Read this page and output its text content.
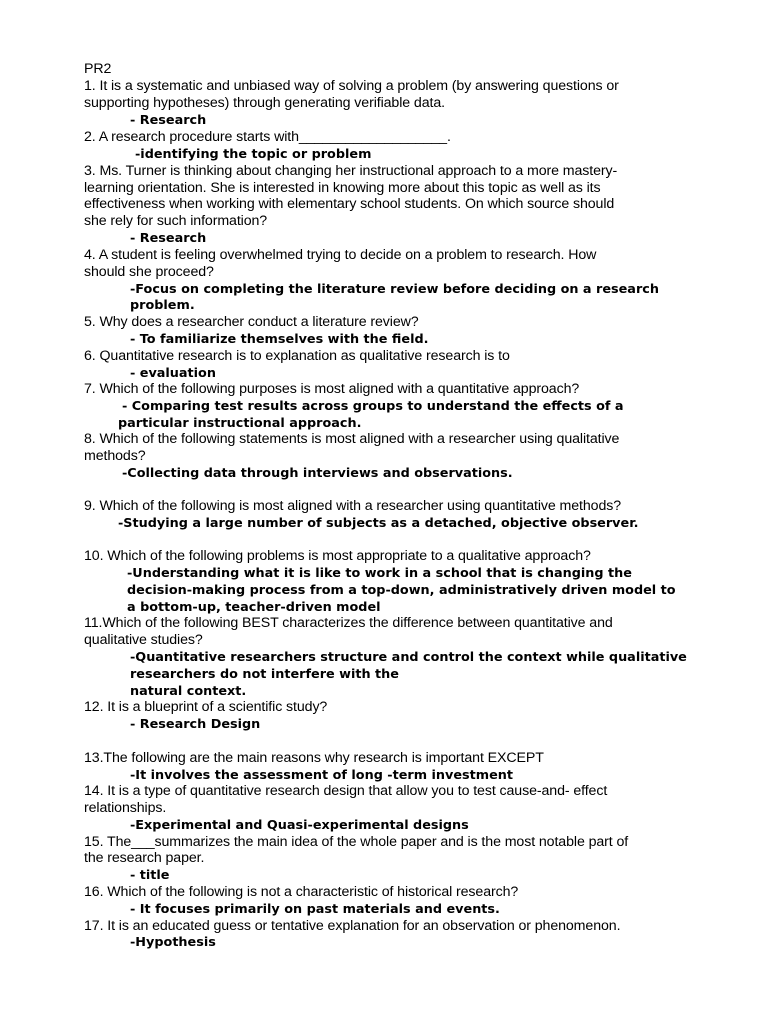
PR2
1. It is a systematic and unbiased way of solving a problem (by answering questions or
supporting hypotheses) through generating verifiable data.
- Research
2. A research procedure starts with___________________.
-identifying the topic or problem
3. Ms. Turner is thinking about changing her instructional approach to a more mastery-
learning orientation. She is interested in knowing more about this topic as well as its
effectiveness when working with elementary school students. On which source should
she rely for such information?
- Research
4. A student is feeling overwhelmed trying to decide on a problem to research. How
should she proceed?
-Focus on completing the literature review before deciding on a research
problem.
5. Why does a researcher conduct a literature review?
- To familiarize themselves with the field.
6. Quantitative research is to explanation as qualitative research is to
- evaluation
7. Which of the following purposes is most aligned with a quantitative approach?
- Comparing test results across groups to understand the effects of a
particular instructional approach.
8. Which of the following statements is most aligned with a researcher using qualitative
methods?
-Collecting data through interviews and observations.
9. Which of the following is most aligned with a researcher using quantitative methods?
-Studying a large number of subjects as a detached, objective observer.
10. Which of the following problems is most appropriate to a qualitative approach?
-Understanding what it is like to work in a school that is changing the
decision-making process from a top-down, administratively driven model to
a bottom-up, teacher-driven model
11.Which of the following BEST characterizes the difference between quantitative and
qualitative studies?
-Quantitative researchers structure and control the context while qualitative
researchers do not interfere with the
natural context.
12. It is a blueprint of a scientific study?
- Research Design
13.The following are the main reasons why research is important EXCEPT
-It involves the assessment of long -term investment
14. It is a type of quantitative research design that allow you to test cause-and- effect
relationships.
-Experimental and Quasi-experimental designs
15. The___summarizes the main idea of the whole paper and is the most notable part of
the research paper.
- title
16. Which of the following is not a characteristic of historical research?
- It focuses primarily on past materials and events.
17. It is an educated guess or tentative explanation for an observation or phenomenon.
-Hypothesis
